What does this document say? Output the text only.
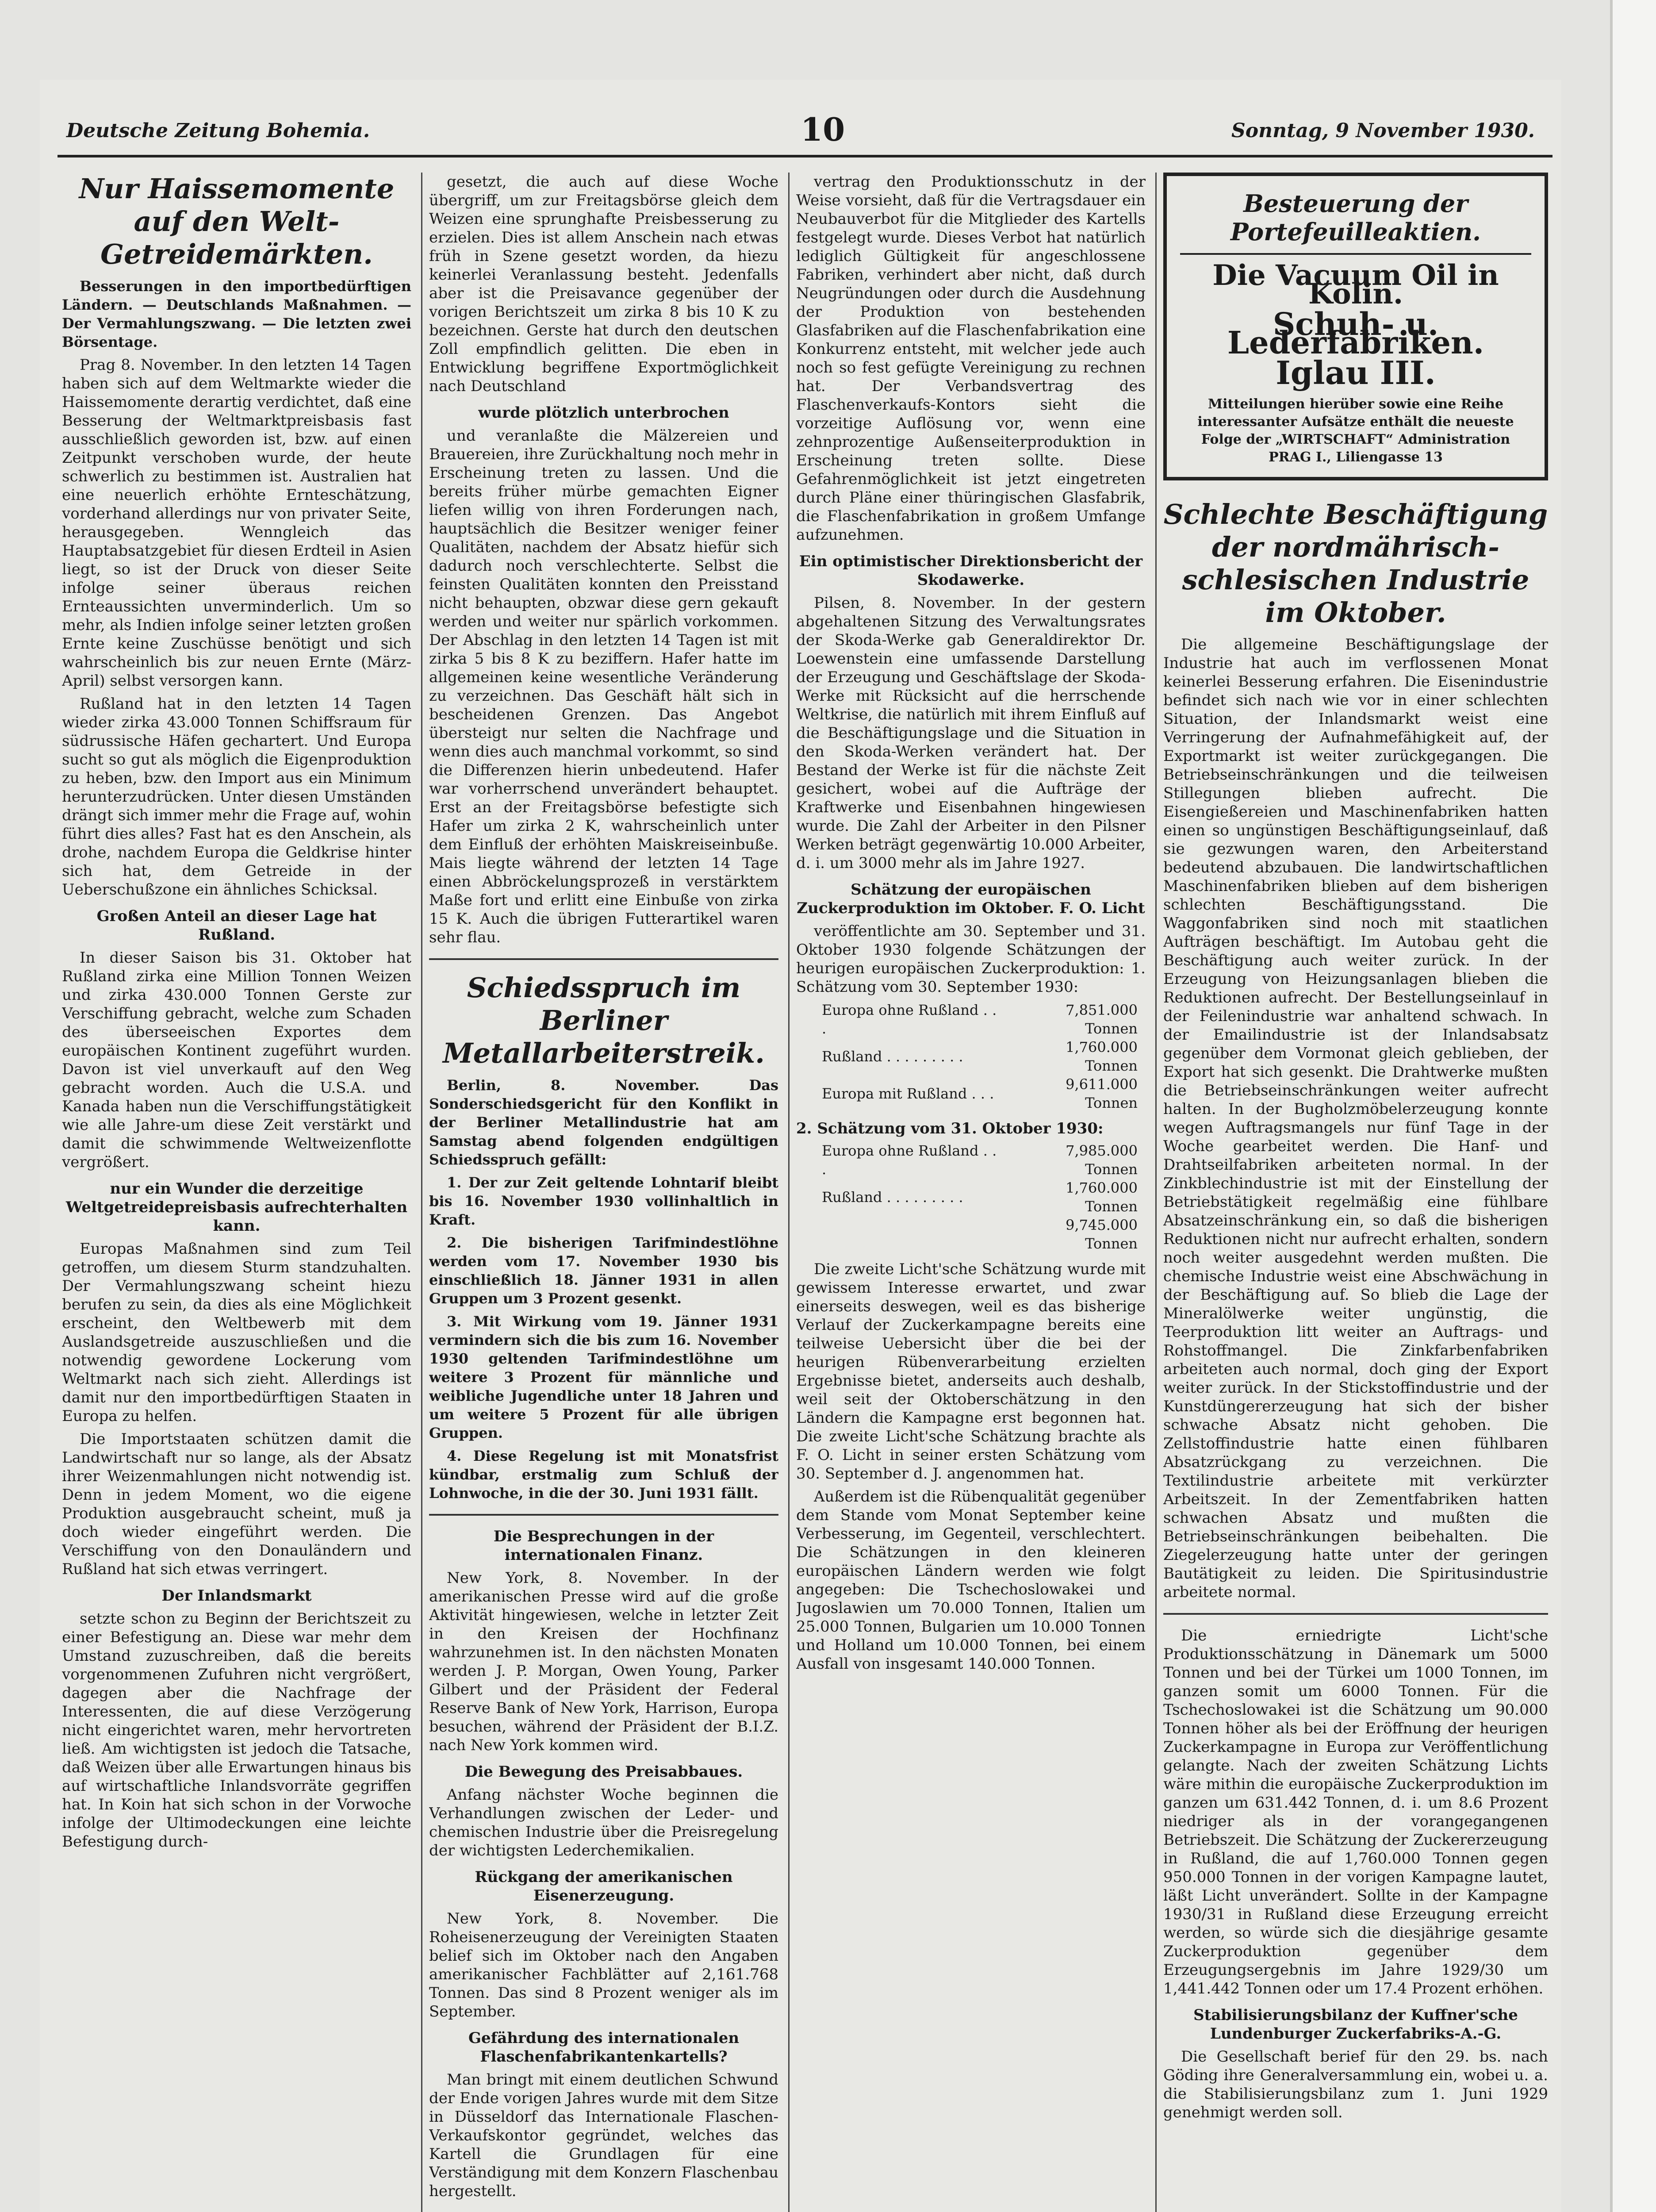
Deutsche Zeitung Bohemia.	10	Sonntag, 9 November 1930.
Nur Haissemomente auf den Welt-Getreidemärkten.

Besserungen in den importbedürftigen Ländern. — Deutschlands Maßnahmen. — Der Vermahlungszwang. — Die letzten zwei Börsentage.

Prag 8. November. In den letzten 14 Tagen haben sich auf dem Weltmarkte wieder die Haissemomente derartig verdichtet, daß eine Besserung der Weltmarktpreisbasis fast ausschließlich geworden ist, bzw. auf einen Zeitpunkt verschoben wurde, der heute schwerlich zu bestimmen ist. Australien hat eine neuerlich erhöhte Ernteschätzung, vorderhand allerdings nur von privater Seite, herausgegeben. Wenngleich das Hauptabsatzgebiet für diesen Erdteil in Asien liegt, so ist der Druck von dieser Seite infolge seiner überaus reichen Ernteaussichten unverminderlich. Um so mehr, als Indien infolge seiner letzten großen Ernte keine Zuschüsse benötigt und sich wahrscheinlich bis zur neuen Ernte (März-April) selbst versorgen kann.

Rußland hat in den letzten 14 Tagen wieder zirka 43.000 Tonnen Schiffsraum für südrussische Häfen gechartert. Und Europa sucht so gut als möglich die Eigenproduktion zu heben, bzw. den Import aus ein Minimum herunterzudrücken. Unter diesen Umständen drängt sich immer mehr die Frage auf, wohin führt dies alles? Fast hat es den Anschein, als drohe, nachdem Europa die Geldkrise hinter sich hat, dem Getreide in der Ueberschußzone ein ähnliches Schicksal.

Großen Anteil an dieser Lage hat Rußland.

In dieser Saison bis 31. Oktober hat Rußland zirka eine Million Tonnen Weizen und zirka 430.000 Tonnen Gerste zur Verschiffung gebracht, welche zum Schaden des überseeischen Exportes dem europäischen Kontinent zugeführt wurden. Davon ist viel unverkauft auf den Weg gebracht worden. Auch die U.S.A. und Kanada haben nun die Verschiffungstätigkeit wie alle Jahre-um diese Zeit verstärkt und damit die schwimmende Weltweizenflotte vergrößert.

nur ein Wunder die derzeitige Weltgetreidepreisbasis aufrechterhalten kann.

Europas Maßnahmen sind zum Teil getroffen, um diesem Sturm standzuhalten. Der Vermahlungszwang scheint hiezu berufen zu sein, da dies als eine Möglichkeit erscheint, den Weltbewerb mit dem Auslandsgetreide auszuschließen und die notwendig gewordene Lockerung vom Weltmarkt nach sich zieht. Allerdings ist damit nur den importbedürftigen Staaten in Europa zu helfen.

Die Importstaaten schützen damit die Landwirtschaft nur so lange, als der Absatz ihrer Weizenmahlungen nicht notwendig ist. Denn in jedem Moment, wo die eigene Produktion ausgebraucht scheint, muß ja doch wieder eingeführt werden. Die Verschiffung von den Donauländern und Rußland hat sich etwas verringert.

Der Inlandsmarkt

setzte schon zu Beginn der Berichtszeit zu einer Befestigung an. Diese war mehr dem Umstand zuzuschreiben, daß die bereits vorgenommenen Zufuhren nicht vergrößert, dagegen aber die Nachfrage der Interessenten, die auf diese Verzögerung nicht eingerichtet waren, mehr hervortreten ließ. Am wichtigsten ist jedoch die Tatsache, daß Weizen über alle Erwartungen hinaus bis auf wirtschaftliche Inlandsvorräte gegriffen hat. In Koin hat sich schon in der Vorwoche infolge der Ultimodeckungen eine leichte Befestigung durch-

gesetzt, die auch auf diese Woche übergriff, um zur Freitagsbörse gleich dem Weizen eine sprunghafte Preisbesserung zu erzielen. Dies ist allem Anschein nach etwas früh in Szene gesetzt worden, da hiezu keinerlei Veranlassung besteht. Jedenfalls aber ist die Preisavance gegenüber der vorigen Berichtszeit um zirka 8 bis 10 K zu bezeichnen. Gerste hat durch den deutschen Zoll empfindlich gelitten. Die eben in Entwicklung begriffene Exportmöglichkeit nach Deutschland

wurde plötzlich unterbrochen

und veranlaßte die Mälzereien und Brauereien, ihre Zurückhaltung noch mehr in Erscheinung treten zu lassen. Und die bereits früher mürbe gemachten Eigner liefen willig von ihren Forderungen nach, hauptsächlich die Besitzer weniger feiner Qualitäten, nachdem der Absatz hiefür sich dadurch noch verschlechterte. Selbst die feinsten Qualitäten konnten den Preisstand nicht behaupten, obzwar diese gern gekauft werden und weiter nur spärlich vorkommen. Der Abschlag in den letzten 14 Tagen ist mit zirka 5 bis 8 K zu beziffern. Hafer hatte im allgemeinen keine wesentliche Veränderung zu verzeichnen. Das Geschäft hält sich in bescheidenen Grenzen. Das Angebot übersteigt nur selten die Nachfrage und wenn dies auch manchmal vorkommt, so sind die Differenzen hierin unbedeutend. Hafer war vorherrschend unverändert behauptet. Erst an der Freitagsbörse befestigte sich Hafer um zirka 2 K, wahrscheinlich unter dem Einfluß der erhöhten Maiskreiseinbuße. Mais liegte während der letzten 14 Tage einen Abbröckelungsprozeß in verstärktem Maße fort und erlitt eine Einbuße von zirka 15 K. Auch die übrigen Futterartikel waren sehr flau.

Schiedsspruch im Berliner Metallarbeiterstreik.

Berlin, 8. November. Das Sonderschiedsgericht für den Konflikt in der Berliner Metallindustrie hat am Samstag abend folgenden endgültigen Schiedsspruch gefällt:

1. Der zur Zeit geltende Lohntarif bleibt bis 16. November 1930 vollinhaltlich in Kraft.

2. Die bisherigen Tarifmindestlöhne werden vom 17. November 1930 bis einschließlich 18. Jänner 1931 in allen Gruppen um 3 Prozent gesenkt.

3. Mit Wirkung vom 19. Jänner 1931 vermindern sich die bis zum 16. November 1930 geltenden Tarifmindestlöhne um weitere 3 Prozent für männliche und weibliche Jugendliche unter 18 Jahren und um weitere 5 Prozent für alle übrigen Gruppen.

4. Diese Regelung ist mit Monatsfrist kündbar, erstmalig zum Schluß der Lohnwoche, in die der 30. Juni 1931 fällt.

Die Besprechungen in der internationalen Finanz.

New York, 8. November. In der amerikanischen Presse wird auf die große Aktivität hingewiesen, welche in letzter Zeit in den Kreisen der Hochfinanz wahrzunehmen ist. In den nächsten Monaten werden J. P. Morgan, Owen Young, Parker Gilbert und der Präsident der Federal Reserve Bank of New York, Harrison, Europa besuchen, während der Präsident der B.I.Z. nach New York kommen wird.

Die Bewegung des Preisabbaues.

Anfang nächster Woche beginnen die Verhandlungen zwischen der Leder- und chemischen Industrie über die Preisregelung der wichtigsten Lederchemikalien.

Rückgang der amerikanischen Eisenerzeugung.

New York, 8. November. Die Roheisenerzeugung der Vereinigten Staaten belief sich im Oktober nach den Angaben amerikanischer Fachblätter auf 2,161.768 Tonnen. Das sind 8 Prozent weniger als im September.

Gefährdung des internationalen Flaschenfabrikantenkartells?

Man bringt mit einem deutlichen Schwund der Ende vorigen Jahres wurde mit dem Sitze in Düsseldorf das Internationale Flaschen-Verkaufskontor gegründet, welches das Kartell die Grundlagen für eine Verständigung mit dem Konzern Flaschenbau hergestellt.

vertrag den Produktionsschutz in der Weise vorsieht, daß für die Vertragsdauer ein Neubauverbot für die Mitglieder des Kartells festgelegt wurde. Dieses Verbot hat natürlich lediglich Gültigkeit für angeschlossene Fabriken, verhindert aber nicht, daß durch Neugründungen oder durch die Ausdehnung der Produktion von bestehenden Glasfabriken auf die Flaschenfabrikation eine Konkurrenz entsteht, mit welcher jede auch noch so fest gefügte Vereinigung zu rechnen hat. Der Verbandsvertrag des Flaschenverkaufs-Kontors sieht die vorzeitige Auflösung vor, wenn eine zehnprozentige Außenseiterproduktion in Erscheinung treten sollte. Diese Gefahrenmöglichkeit ist jetzt eingetreten durch Pläne einer thüringischen Glasfabrik, die Flaschenfabrikation in großem Umfange aufzunehmen.

Ein optimistischer Direktionsbericht der Skodawerke.

Pilsen, 8. November. In der gestern abgehaltenen Sitzung des Verwaltungsrates der Skoda-Werke gab Generaldirektor Dr. Loewenstein eine umfassende Darstellung der Erzeugung und Geschäftslage der Skoda-Werke mit Rücksicht auf die herrschende Weltkrise, die natürlich mit ihrem Einfluß auf die Beschäftigungslage und die Situation in den Skoda-Werken verändert hat. Der Bestand der Werke ist für die nächste Zeit gesichert, wobei auf die Aufträge der Kraftwerke und Eisenbahnen hingewiesen wurde. Die Zahl der Arbeiter in den Pilsner Werken beträgt gegenwärtig 10.000 Arbeiter, d. i. um 3000 mehr als im Jahre 1927.

Schätzung der europäischen Zuckerproduktion im Oktober. F. O. Licht

veröffentlichte am 30. September und 31. Oktober 1930 folgende Schätzungen der heurigen europäischen Zuckerproduktion: 1. Schätzung vom 30. September 1930:

Europa ohne Rußland . . .	7,851.000 Tonnen
Rußland . . . . . . . . .	1,760.000 Tonnen
Europa mit Rußland . . .	9,611.000 Tonnen

2. Schätzung vom 31. Oktober 1930:

Europa ohne Rußland . . .	7,985.000 Tonnen
Rußland . . . . . . . . .	1,760.000 Tonnen
	9,745.000 Tonnen

Die zweite Licht'sche Schätzung wurde mit gewissem Interesse erwartet, und zwar einerseits deswegen, weil es das bisherige Verlauf der Zuckerkampagne bereits eine teilweise Uebersicht über die bei der heurigen Rübenverarbeitung erzielten Ergebnisse bietet, anderseits auch deshalb, weil seit der Oktoberschätzung in den Ländern die Kampagne erst begonnen hat. Die zweite Licht'sche Schätzung brachte als F. O. Licht in seiner ersten Schätzung vom 30. September d. J. angenommen hat.

Außerdem ist die Rübenqualität gegenüber dem Stande vom Monat September keine Verbesserung, im Gegenteil, verschlechtert. Die Schätzungen in den kleineren europäischen Ländern werden wie folgt angegeben: Die Tschechoslowakei und Jugoslawien um 70.000 Tonnen, Italien um 25.000 Tonnen, Bulgarien um 10.000 Tonnen und Holland um 10.000 Tonnen, bei einem Ausfall von insgesamt 140.000 Tonnen.

Besteuerung der Portefeuilleaktien.
Die Vacuum Oil in Kolin.
Schuh- u. Lederfabriken.
Iglau III.
Mitteilungen hierüber sowie eine Reihe interessanter Aufsätze enthält die neueste Folge der „WIRTSCHAFT“ Administration PRAG I., Liliengasse 13
Schlechte Beschäftigung der nordmährisch-schlesischen Industrie im Oktober.

Die allgemeine Beschäftigungslage der Industrie hat auch im verflossenen Monat keinerlei Besserung erfahren. Die Eisenindustrie befindet sich nach wie vor in einer schlechten Situation, der Inlandsmarkt weist eine Verringerung der Aufnahmefähigkeit auf, der Exportmarkt ist weiter zurückgegangen. Die Betriebseinschränkungen und die teilweisen Stillegungen blieben aufrecht. Die Eisengießereien und Maschinenfabriken hatten einen so ungünstigen Beschäftigungseinlauf, daß sie gezwungen waren, den Arbeiterstand bedeutend abzubauen. Die landwirtschaftlichen Maschinenfabriken blieben auf dem bisherigen schlechten Beschäftigungsstand. Die Waggonfabriken sind noch mit staatlichen Aufträgen beschäftigt. Im Autobau geht die Beschäftigung auch weiter zurück. In der Erzeugung von Heizungsanlagen blieben die Reduktionen aufrecht. Der Bestellungseinlauf in der Feilenindustrie war anhaltend schwach. In der Emailindustrie ist der Inlandsabsatz gegenüber dem Vormonat gleich geblieben, der Export hat sich gesenkt. Die Drahtwerke mußten die Betriebseinschränkungen weiter aufrecht halten. In der Bugholzmöbelerzeugung konnte wegen Auftragsmangels nur fünf Tage in der Woche gearbeitet werden. Die Hanf- und Drahtseilfabriken arbeiteten normal. In der Zinkblechindustrie ist mit der Einstellung der Betriebstätigkeit regelmäßig eine fühlbare Absatzeinschränkung ein, so daß die bisherigen Reduktionen nicht nur aufrecht erhalten, sondern noch weiter ausgedehnt werden mußten. Die chemische Industrie weist eine Abschwächung in der Beschäftigung auf. So blieb die Lage der Mineralölwerke weiter ungünstig, die Teerproduktion litt weiter an Auftrags- und Rohstoffmangel. Die Zinkfarbenfabriken arbeiteten auch normal, doch ging der Export weiter zurück. In der Stickstoffindustrie und der Kunstdüngererzeugung hat sich der bisher schwache Absatz nicht gehoben. Die Zellstoffindustrie hatte einen fühlbaren Absatzrückgang zu verzeichnen. Die Textilindustrie arbeitete mit verkürzter Arbeitszeit. In der Zementfabriken hatten schwachen Absatz und mußten die Betriebseinschränkungen beibehalten. Die Ziegelerzeugung hatte unter der geringen Bautätigkeit zu leiden. Die Spiritusindustrie arbeitete normal.

Die erniedrigte Licht'sche Produktionsschätzung in Dänemark um 5000 Tonnen und bei der Türkei um 1000 Tonnen, im ganzen somit um 6000 Tonnen. Für die Tschechoslowakei ist die Schätzung um 90.000 Tonnen höher als bei der Eröffnung der heurigen Zuckerkampagne in Europa zur Veröffentlichung gelangte. Nach der zweiten Schätzung Lichts wäre mithin die europäische Zuckerproduktion im ganzen um 631.442 Tonnen, d. i. um 8.6 Prozent niedriger als in der vorangegangenen Betriebszeit. Die Schätzung der Zuckererzeugung in Rußland, die auf 1,760.000 Tonnen gegen 950.000 Tonnen in der vorigen Kampagne lautet, läßt Licht unverändert. Sollte in der Kampagne 1930/31 in Rußland diese Erzeugung erreicht werden, so würde sich die diesjährige gesamte Zuckerproduktion gegenüber dem Erzeugungsergebnis im Jahre 1929/30 um 1,441.442 Tonnen oder um 17.4 Prozent erhöhen.

Stabilisierungsbilanz der Kuffner'sche Lundenburger Zuckerfabriks-A.-G.

Die Gesellschaft berief für den 29. bs. nach Göding ihre Generalversammlung ein, wobei u. a. die Stabilisierungsbilanz zum 1. Juni 1929 genehmigt werden soll.
